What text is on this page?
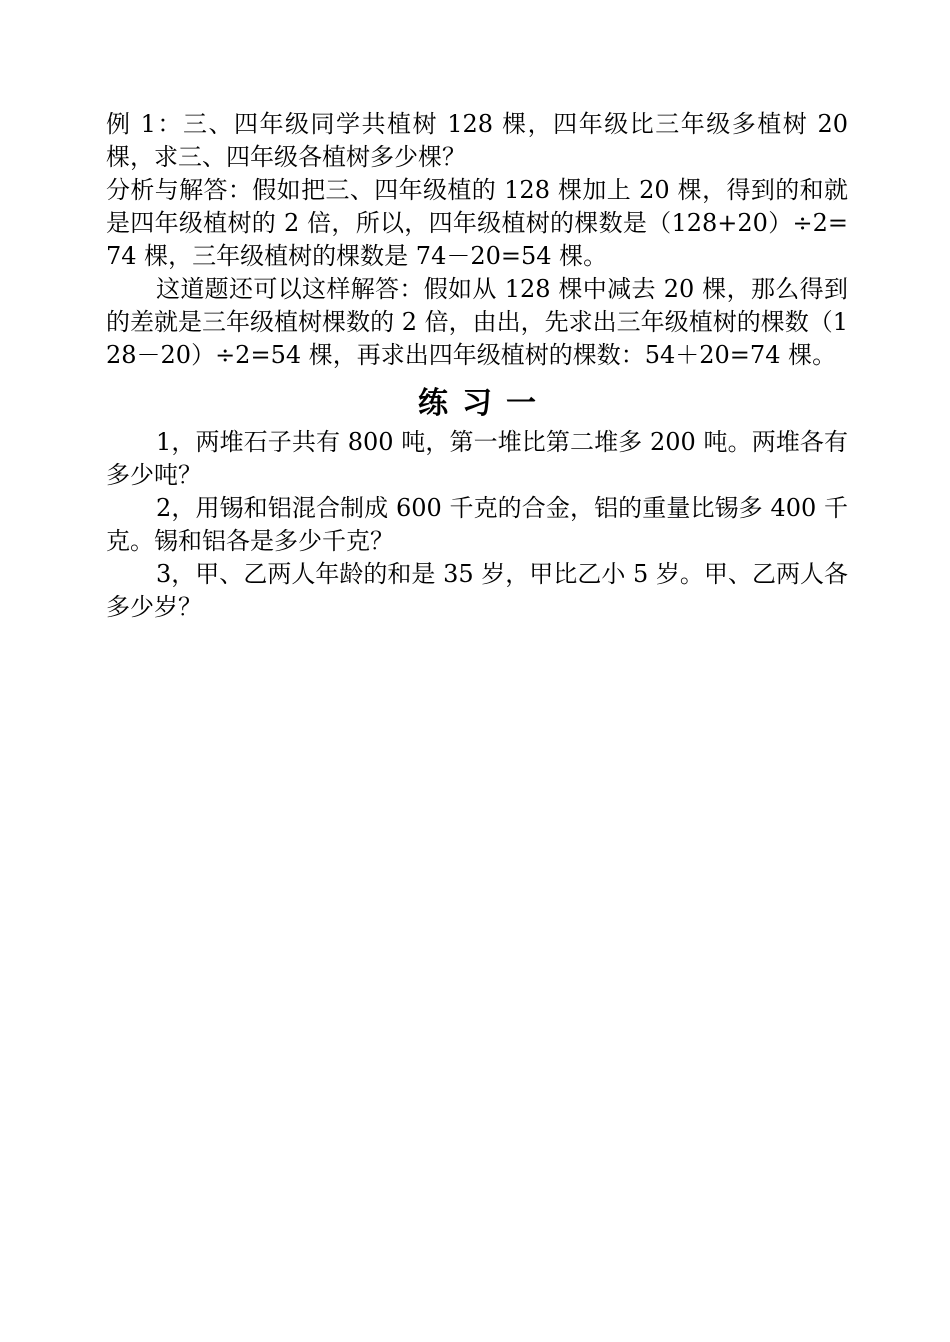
例 1：三、四年级同学共植树 128 棵，四年级比三年级多植树 20 棵，求三、四年级各植树多少棵？

分析与解答：假如把三、四年级植的 128 棵加上 20 棵，得到的和就是四年级植树的 2 倍，所以，四年级植树的棵数是（128+20）÷2=74 棵，三年级植树的棵数是 74－20=54 棵。

这道题还可以这样解答：假如从 128 棵中减去 20 棵，那么得到的差就是三年级植树棵数的 2 倍，由出，先求出三年级植树的棵数（128－20）÷2=54 棵，再求出四年级植树的棵数：54＋20=74 棵。

练习一

1，两堆石子共有 800 吨，第一堆比第二堆多 200 吨。两堆各有多少吨？

2，用锡和铝混合制成 600 千克的合金，铝的重量比锡多 400 千克。锡和铝各是多少千克？

3，甲、乙两人年龄的和是 35 岁，甲比乙小 5 岁。甲、乙两人各多少岁？
